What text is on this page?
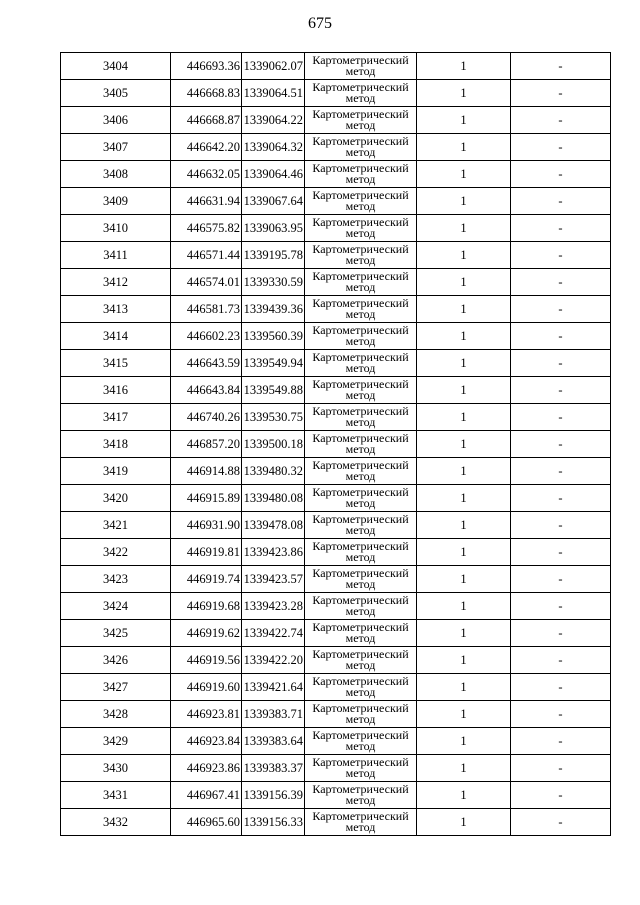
675
3404	446693.36	1339062.07	Картометрический
метод	1	-
3405	446668.83	1339064.51	Картометрический
метод	1	-
3406	446668.87	1339064.22	Картометрический
метод	1	-
3407	446642.20	1339064.32	Картометрический
метод	1	-
3408	446632.05	1339064.46	Картометрический
метод	1	-
3409	446631.94	1339067.64	Картометрический
метод	1	-
3410	446575.82	1339063.95	Картометрический
метод	1	-
3411	446571.44	1339195.78	Картометрический
метод	1	-
3412	446574.01	1339330.59	Картометрический
метод	1	-
3413	446581.73	1339439.36	Картометрический
метод	1	-
3414	446602.23	1339560.39	Картометрический
метод	1	-
3415	446643.59	1339549.94	Картометрический
метод	1	-
3416	446643.84	1339549.88	Картометрический
метод	1	-
3417	446740.26	1339530.75	Картометрический
метод	1	-
3418	446857.20	1339500.18	Картометрический
метод	1	-
3419	446914.88	1339480.32	Картометрический
метод	1	-
3420	446915.89	1339480.08	Картометрический
метод	1	-
3421	446931.90	1339478.08	Картометрический
метод	1	-
3422	446919.81	1339423.86	Картометрический
метод	1	-
3423	446919.74	1339423.57	Картометрический
метод	1	-
3424	446919.68	1339423.28	Картометрический
метод	1	-
3425	446919.62	1339422.74	Картометрический
метод	1	-
3426	446919.56	1339422.20	Картометрический
метод	1	-
3427	446919.60	1339421.64	Картометрический
метод	1	-
3428	446923.81	1339383.71	Картометрический
метод	1	-
3429	446923.84	1339383.64	Картометрический
метод	1	-
3430	446923.86	1339383.37	Картометрический
метод	1	-
3431	446967.41	1339156.39	Картометрический
метод	1	-
3432	446965.60	1339156.33	Картометрический
метод	1	-
